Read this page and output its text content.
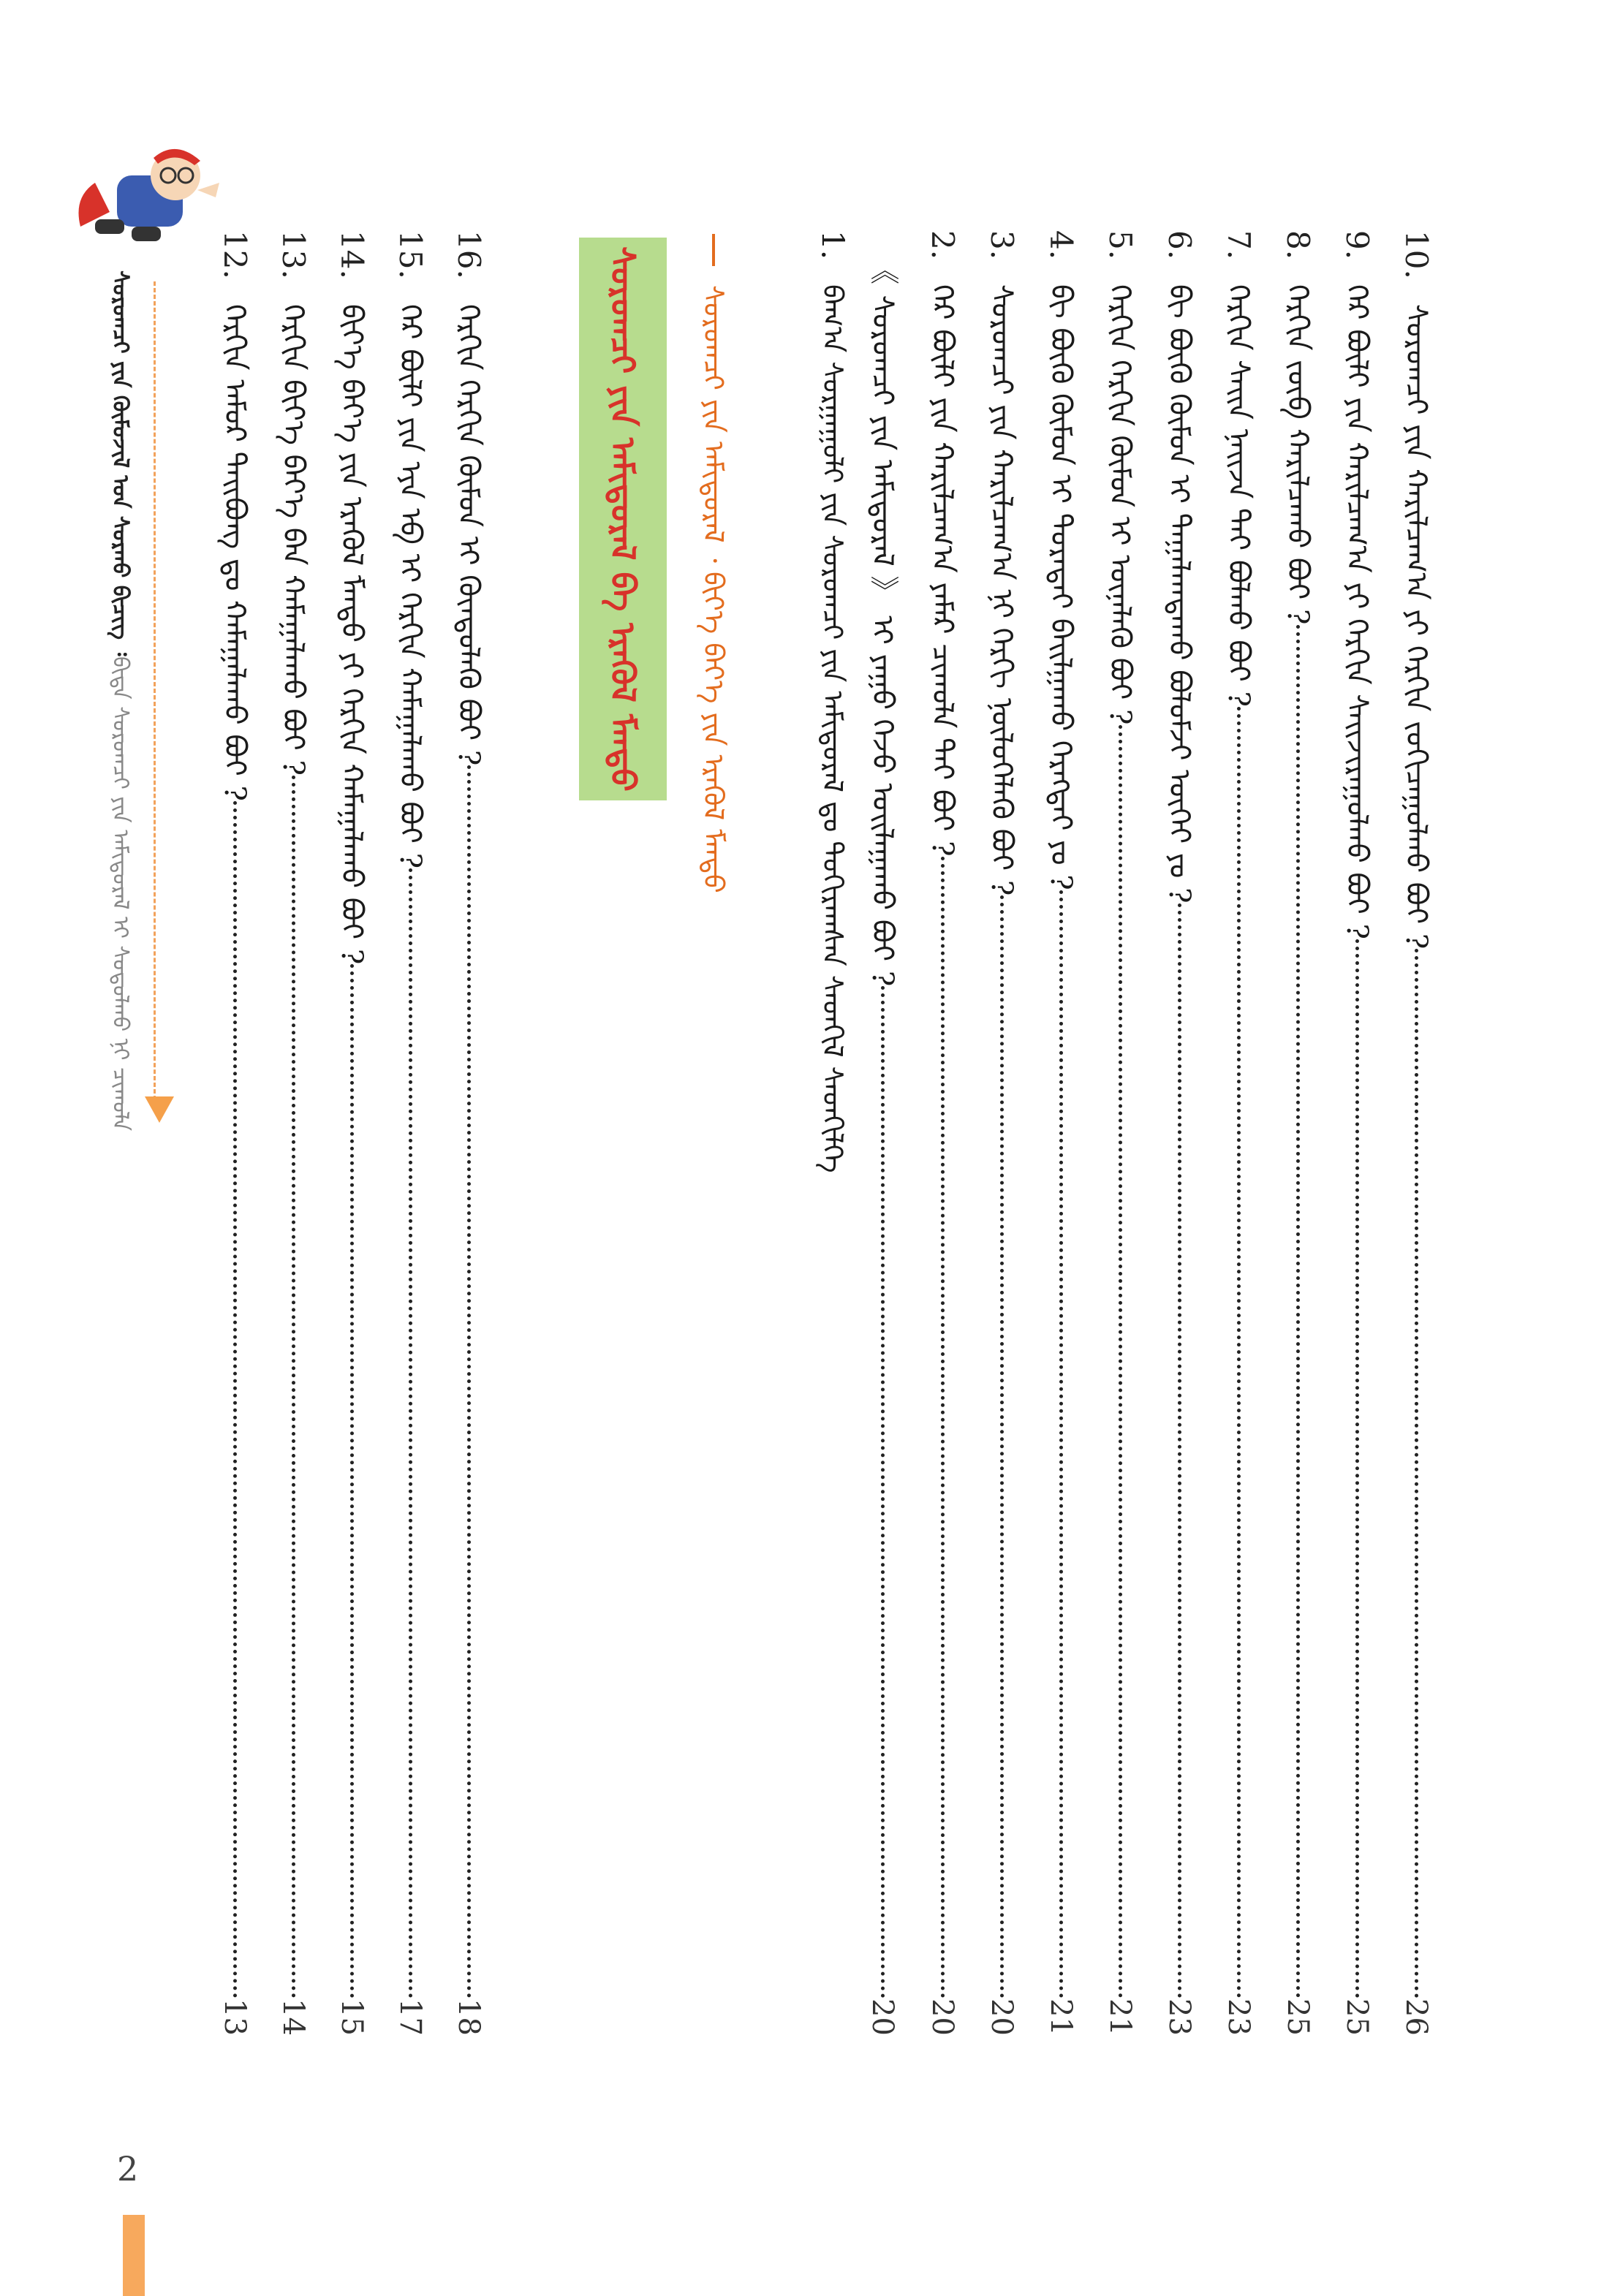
10.
ᠰᠤᠷᠤᠭᠴᠢ ᠶᠢᠨ ᠬᠠᠷᠢᠯᠴᠠᠭ᠎ᠠ ᠶᠢ ᠬᠡᠷᠬᠢᠨ ᠵᠣᠬᠢᠴᠠᠭᠤᠯᠬᠤ ᠪᠤᠢ ?
26
9.
ᠭᠡᠷ ᠪᠦᠯᠢ ᠶᠢᠨ ᠬᠠᠷᠢᠯᠴᠠᠭ᠎ᠠ ᠶᠢ ᠬᠡᠷᠬᠢᠨ ᠰᠠᠢᠵᠢᠷᠠᠭᠤᠯᠬᠤ ᠪᠤᠢ ?
25
8.
ᠬᠡᠷᠬᠢᠨ ᠵᠥᠪ ᠬᠠᠷᠢᠯᠴᠠᠬᠤ ᠪᠤᠢ ?
25
7.
ᠬᠡᠷᠬᠢᠨ ᠰᠠᠢᠨ ᠨᠠᠢᠵᠠ ᠲᠠᠢ ᠪᠣᠯᠬᠤ ᠪᠤᠢ ?
23
6.
ᠪᠢ ᠪᠦᠬᠦ ᠬᠦᠮᠦᠨ ᠢ ᠲᠠᠭᠠᠯᠠᠭᠳᠠᠬᠤ ᠪᠣᠯᠤᠮᠵᠢ ᠦᠭᠡᠢ ᠶᠤ ?
23
5.
ᠬᠡᠷᠬᠢᠨ ᠬᠡᠷᠬᠢᠨ ᠬᠦᠮᠦᠨ ᠢ ᠦᠨᠡᠯᠡᠬᠦ ᠪᠤᠢ ?
21
4.
ᠪᠢ ᠪᠦᠬᠦ ᠬᠦᠮᠦᠨ ᠢ ᠳᠤᠷᠠᠲᠠᠢ ᠪᠠᠢᠯᠭᠠᠬᠤ ᠬᠡᠷᠡᠭᠲᠡᠢ ᠶᠤ ?
21
3.
ᠰᠤᠷᠤᠭᠴᠢ ᠶᠢᠨ ᠬᠠᠷᠢᠯᠴᠠᠭ᠎ᠠ ᠨᠢ ᠬᠡᠷᠬᠢ ᠨᠥᠯᠦᠭᠡᠯᠡᠬᠦ ᠪᠤᠢ ?
20
2.
ᠭᠡᠷ ᠪᠦᠯᠢ ᠶᠢᠨ ᠬᠠᠷᠢᠯᠴᠠᠭ᠎ᠠ ᠶᠠᠮᠠᠷ ᠴᠢᠬᠤᠯᠠ ᠲᠠᠢ ᠪᠤᠢ ?
20
《 ᠰᠤᠷᠤᠭᠴᠢ ᠶᠢᠨ ᠠᠮᠢᠳᠤᠷᠠᠯ 》 ᠢ ᠶᠠᠭᠤ ᠭᠡᠵᠦ ᠣᠢᠯᠠᠭᠠᠬᠤ ᠪᠤᠢ ?
20
1.
ᠪᠠᠭ᠎ᠠ ᠰᠤᠷᠭᠠᠭᠤᠯᠢ ᠶᠢᠨ ᠰᠤᠷᠤᠭᠴᠢ ᠶᠢᠨ ᠠᠮᠢᠳᠤᠷᠠᠯ ᠳᠤ ᠲᠣᠬᠢᠷᠠᠭᠰᠠᠨ ᠰᠡᠳᠬᠢᠯ ᠰᠡᠳᠬᠢᠯᠭᠡ
ᠰᠤᠷᠤᠭᠴᠢ ᠶᠢᠨ ᠠᠮᠢᠳᠤᠷᠠᠯ ᠂ ᠪᠢᠶ᠎ᠡ ᠪᠡᠶ᠎ᠡ ᠶᠢᠨ ᠡᠷᠡᠭᠦᠯ ᠮᠡᠨᠳᠦ
ᠰᠤᠷᠤᠭᠴᠢ ᠶᠢᠨ ᠠᠮᠢᠳᠤᠷᠠᠯ ᠪᠠ ᠡᠷᠡᠭᠦᠯ ᠮᠡᠨᠳᠦ
16.
ᠬᠡᠷᠬᠢᠨ ᠬᠡᠷᠬᠢᠨ ᠬᠦᠮᠦᠨ ᠢ ᠬᠦᠨᠳᠦᠯᠡᠬᠦ ᠪᠤᠢ ?
18
15.
ᠭᠡᠷ ᠪᠦᠯᠢ ᠶᠢᠨ ᠡᠶᠡ ᠡᠪ ᠢ ᠬᠡᠷᠬᠢᠨ ᠬᠠᠮᠠᠭᠠᠯᠠᠬᠤ ᠪᠤᠢ ?
17
14.
ᠪᠢᠶ᠎ᠡ ᠪᠡᠶ᠎ᠡ ᠶᠢᠨ ᠡᠷᠡᠭᠦᠯ ᠮᠡᠨᠳᠦ ᠶᠢ ᠬᠡᠷᠬᠢᠨ ᠬᠠᠮᠠᠭᠠᠯᠠᠬᠤ ᠪᠤᠢ ?
15
13.
ᠬᠡᠷᠬᠢᠨ ᠪᠢᠶ᠎ᠡ ᠪᠡᠶ᠎ᠡ ᠪᠡᠨ ᠬᠠᠮᠠᠭᠠᠯᠠᠬᠤ ᠪᠤᠢ ?
14
12.
ᠬᠡᠷᠬᠢᠨ ᠠᠮᠤᠷ ᠲᠠᠢᠪᠤᠩ ᠳᠤ ᠬᠠᠮᠠᠭᠠᠯᠠᠬᠤ ᠪᠤᠢ ?
13
ᠰᠤᠷᠤᠭᠴᠢ ᠶᠢᠨ ᠬᠦᠮᠦᠵᠢᠯ ᠤᠨ ᠰᠤᠷᠬᠤ ᠪᠢᠴᠢᠭ ᠄
ᠪᠢᠳᠡ ᠰᠤᠷᠤᠭᠴᠢ ᠶᠢᠨ ᠠᠮᠢᠳᠤᠷᠠᠯ ᠢ ᠰᠤᠳᠤᠯᠬᠤ ᠨᠢ ᠴᠢᠬᠤᠯᠠ
2
